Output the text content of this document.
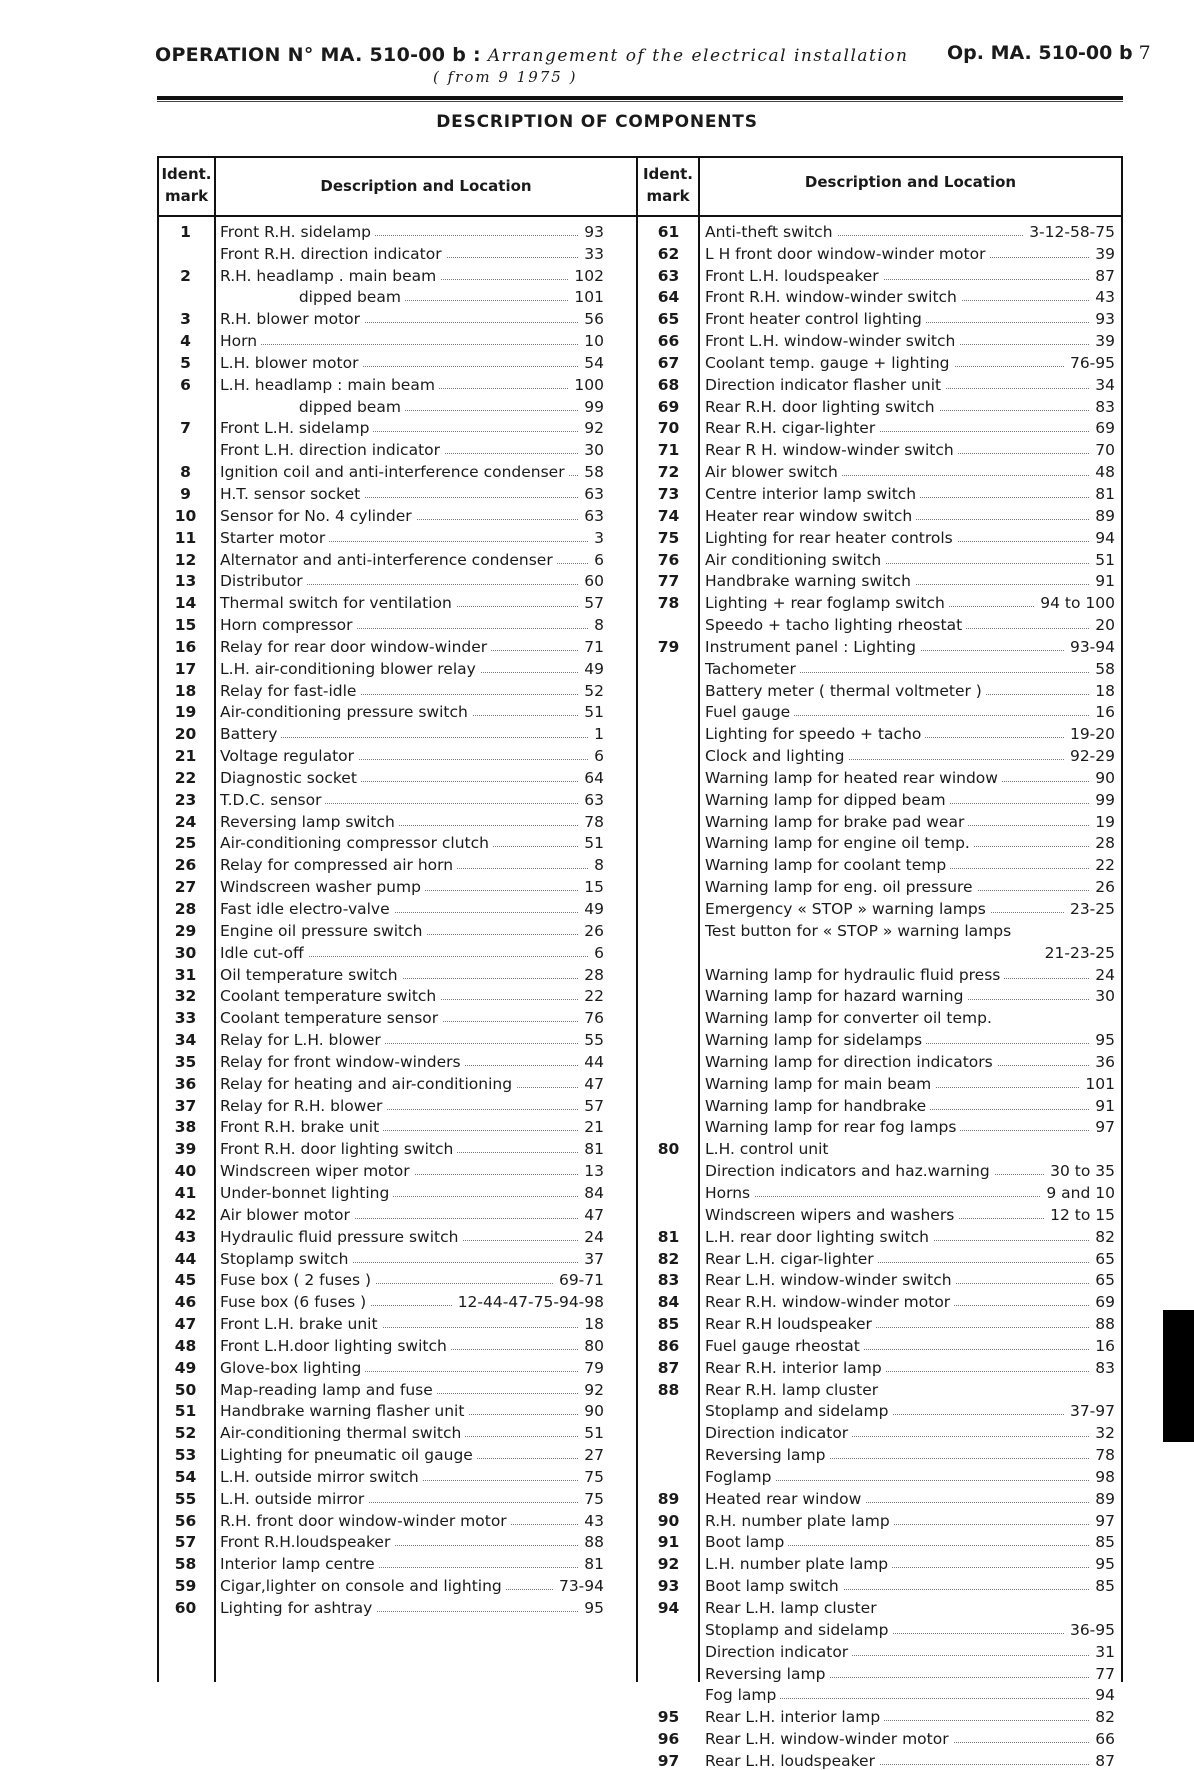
OPERATION N° MA. 510-00 b : Arrangement of the electrical installation
( from 9 1975 )
Op. MA. 510-00 b 7
DESCRIPTION OF COMPONENTS
Ident.
mark
Description and Location
Ident.
mark
Description and Location
1	Front R.H. sidelamp	93
Front R.H. direction indicator	33
2	R.H. headlamp . main beam	102
dipped beam	101
3	R.H. blower motor	56
4	Horn	10
5	L.H. blower motor	54
6	L.H. headlamp : main beam	100
dipped beam	99
7	Front L.H. sidelamp	92
Front L.H. direction indicator	30
8	Ignition coil and anti-interference condenser	58
9	H.T. sensor socket	63
10	Sensor for No. 4 cylinder	63
11	Starter motor	3
12	Alternator and anti-interference condenser	6
13	Distributor	60
14	Thermal switch for ventilation	57
15	Horn compressor	8
16	Relay for rear door window-winder	71
17	L.H. air-conditioning blower relay	49
18	Relay for fast-idle	52
19	Air-conditioning pressure switch	51
20	Battery	1
21	Voltage regulator	6
22	Diagnostic socket	64
23	T.D.C. sensor	63
24	Reversing lamp switch	78
25	Air-conditioning compressor clutch	51
26	Relay for compressed air horn	8
27	Windscreen washer pump	15
28	Fast idle electro-valve	49
29	Engine oil pressure switch	26
30	Idle cut-off	6
31	Oil temperature switch	28
32	Coolant temperature switch	22
33	Coolant temperature sensor	76
34	Relay for L.H. blower	55
35	Relay for front window-winders	44
36	Relay for heating and air-conditioning	47
37	Relay for R.H. blower	57
38	Front R.H. brake unit	21
39	Front R.H. door lighting switch	81
40	Windscreen wiper motor	13
41	Under-bonnet lighting	84
42	Air blower motor	47
43	Hydraulic fluid pressure switch	24
44	Stoplamp switch	37
45	Fuse box ( 2 fuses )	69-71
46	Fuse box (6 fuses )	12-44-47-75-94-98
47	Front L.H. brake unit	18
48	Front L.H.door lighting switch	80
49	Glove-box lighting	79
50	Map-reading lamp and fuse	92
51	Handbrake warning flasher unit	90
52	Air-conditioning thermal switch	51
53	Lighting for pneumatic oil gauge	27
54	L.H. outside mirror switch	75
55	L.H. outside mirror	75
56	R.H. front door window-winder motor	43
57	Front R.H.loudspeaker	88
58	Interior lamp centre	81
59	Cigar,lighter on console and lighting	73-94
60	Lighting for ashtray	95
61	Anti-theft switch	3-12-58-75
62	L H front door window-winder motor	39
63	Front L.H. loudspeaker	87
64	Front R.H. window-winder switch	43
65	Front heater control lighting	93
66	Front L.H. window-winder switch	39
67	Coolant temp. gauge + lighting	76-95
68	Direction indicator flasher unit	34
69	Rear R.H. door lighting switch	83
70	Rear R.H. cigar-lighter	69
71	Rear R H. window-winder switch	70
72	Air blower switch	48
73	Centre interior lamp switch	81
74	Heater rear window switch	89
75	Lighting for rear heater controls	94
76	Air conditioning switch	51
77	Handbrake warning switch	91
78	Lighting + rear foglamp switch	94 to 100
Speedo + tacho lighting rheostat	20
79	Instrument panel : Lighting	93-94
Tachometer	58
Battery meter ( thermal voltmeter )	18
Fuel gauge	16
Lighting for speedo + tacho	19-20
Clock and lighting	92-29
Warning lamp for heated rear window	90
Warning lamp for dipped beam	99
Warning lamp for brake pad wear	19
Warning lamp for engine oil temp.	28
Warning lamp for coolant temp	22
Warning lamp for eng. oil pressure	26
Emergency « STOP » warning lamps	23-25
Test button for « STOP » warning lamps
21-23-25
Warning lamp for hydraulic fluid press	24
Warning lamp for hazard warning	30
Warning lamp for converter oil temp.
Warning lamp for sidelamps	95
Warning lamp for direction indicators	36
Warning lamp for main beam	101
Warning lamp for handbrake	91
Warning lamp for rear fog lamps	97
80	L.H. control unit
Direction indicators and haz.warning	30 to 35
Horns	9 and 10
Windscreen wipers and washers	12 to 15
81	L.H. rear door lighting switch	82
82	Rear L.H. cigar-lighter	65
83	Rear L.H. window-winder switch	65
84	Rear R.H. window-winder motor	69
85	Rear R.H loudspeaker	88
86	Fuel gauge rheostat	16
87	Rear R.H. interior lamp	83
88	Rear R.H. lamp cluster
Stoplamp and sidelamp	37-97
Direction indicator	32
Reversing lamp	78
Foglamp	98
89	Heated rear window	89
90	R.H. number plate lamp	97
91	Boot lamp	85
92	L.H. number plate lamp	95
93	Boot lamp switch	85
94	Rear L.H. lamp cluster
Stoplamp and sidelamp	36-95
Direction indicator	31
Reversing lamp	77
Fog lamp	94
95	Rear L.H. interior lamp	82
96	Rear L.H. window-winder motor	66
97	Rear L.H. loudspeaker	87
